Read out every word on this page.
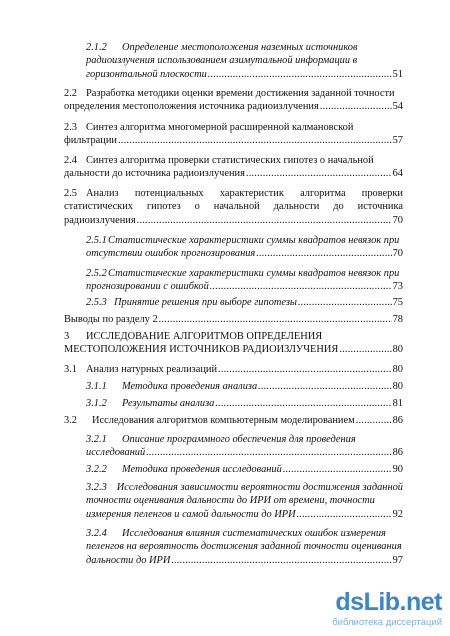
2.1.2	Определение местоположения наземных источников
радиоизлучения использованием азимутальной информации в
горизонтальной плоскости .....	51
2.2 Разработка методики оценки времени достижения заданной точности
определения местоположения источника радиоизлучения .....	54
2.3 Синтез алгоритма многомерной расширенной калмановской
фильтрации .....	57
2.4 Синтез алгоритма проверки статистических гипотез о начальной
дальности до источника радиоизлучения .....	64
2.5 Анализ потенциальных характеристик алгоритма проверки
статистических гипотез о начальной дальности до источника
радиоизлучения .....	70
2.5.1 Статистические характеристики суммы квадратов невязок при
отсутствии ошибок прогнозирования .....	70
2.5.2 Статистические характеристики суммы квадратов невязок при
прогнозировании с ошибкой .....	73
2.5.3 Принятие решения при выборе гипотезы .....	75
Выводы по разделу 2 .....	78
3	ИССЛЕДОВАНИЕ АЛГОРИТМОВ ОПРЕДЕЛЕНИЯ
МЕСТОПОЛОЖЕНИЯ ИСТОЧНИКОВ РАДИОИЗЛУЧЕНИЯ .....	80
3.1 Анализ натурных реализаций .....	80
3.1.1	Методика проведения анализа .....	80
3.1.2	Результаты анализа .....	81
3.2	Исследования алгоритмов компьютерным моделированием .....	86
3.2.1	Описание программного обеспечения для проведения
исследований .....	86
3.2.2	Методика проведения исследований .....	90
3.2.3 Исследования зависимости вероятности достижения заданной
точности оценивания дальности до ИРИ от времени, точности
измерения пеленгов и самой дальности до ИРИ .....	92
3.2.4	Исследования влияния систематических ошибок измерения
пеленгов на вероятность достижения заданной точности оценивания
дальности до ИРИ .....	97
dsLib.net
библиотека диссертаций
